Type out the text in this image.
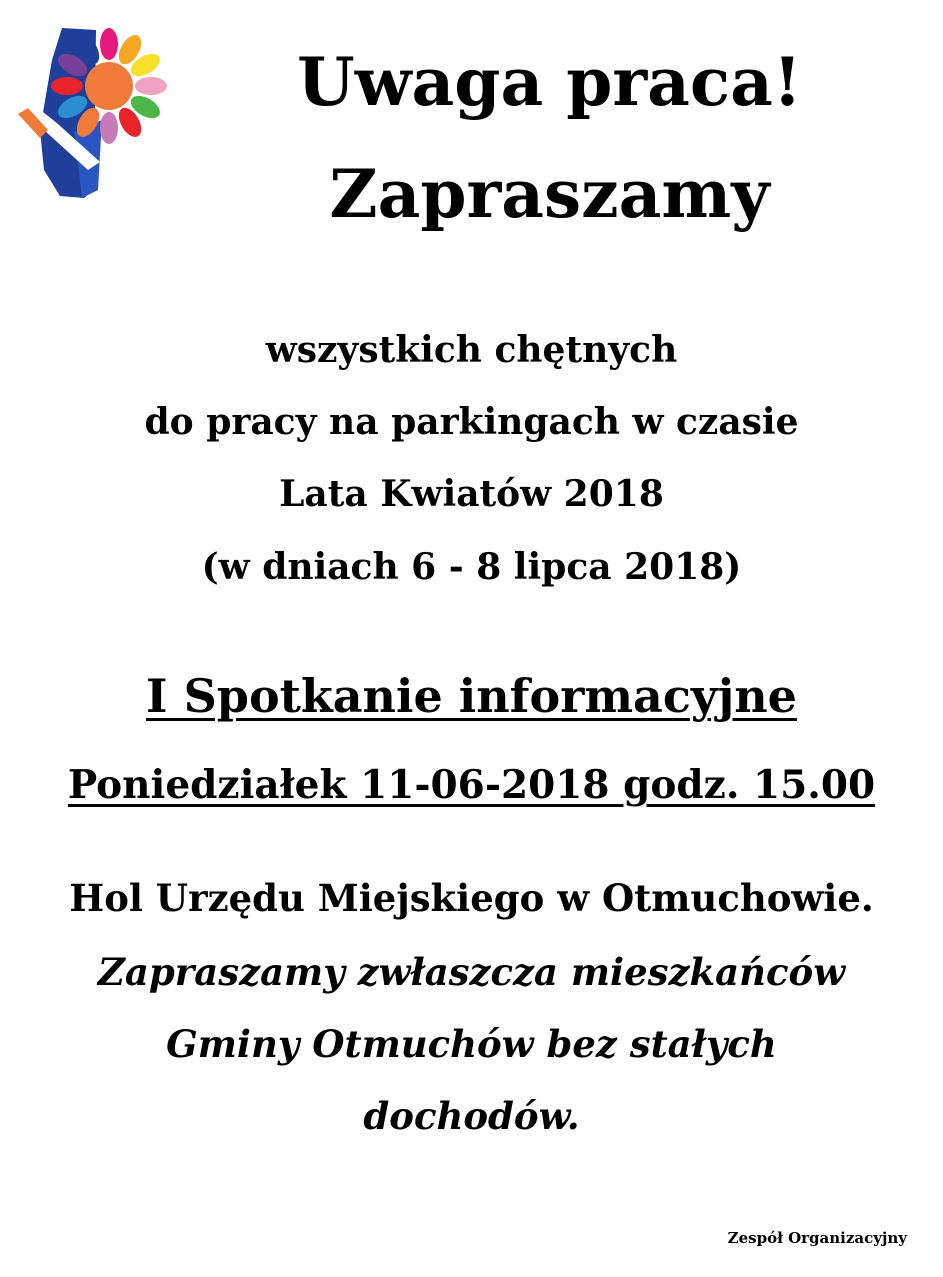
Uwaga praca!
Zapraszamy
wszystkich chętnych
do pracy na parkingach w czasie
Lata Kwiatów 2018
(w dniach 6 - 8 lipca 2018)
I Spotkanie informacyjne
Poniedziałek 11-06-2018 godz. 15.00
Hol Urzędu Miejskiego w Otmuchowie.
Zapraszamy zwłaszcza mieszkańców
Gminy Otmuchów bez stałych
dochodów.
Zespół Organizacyjny
